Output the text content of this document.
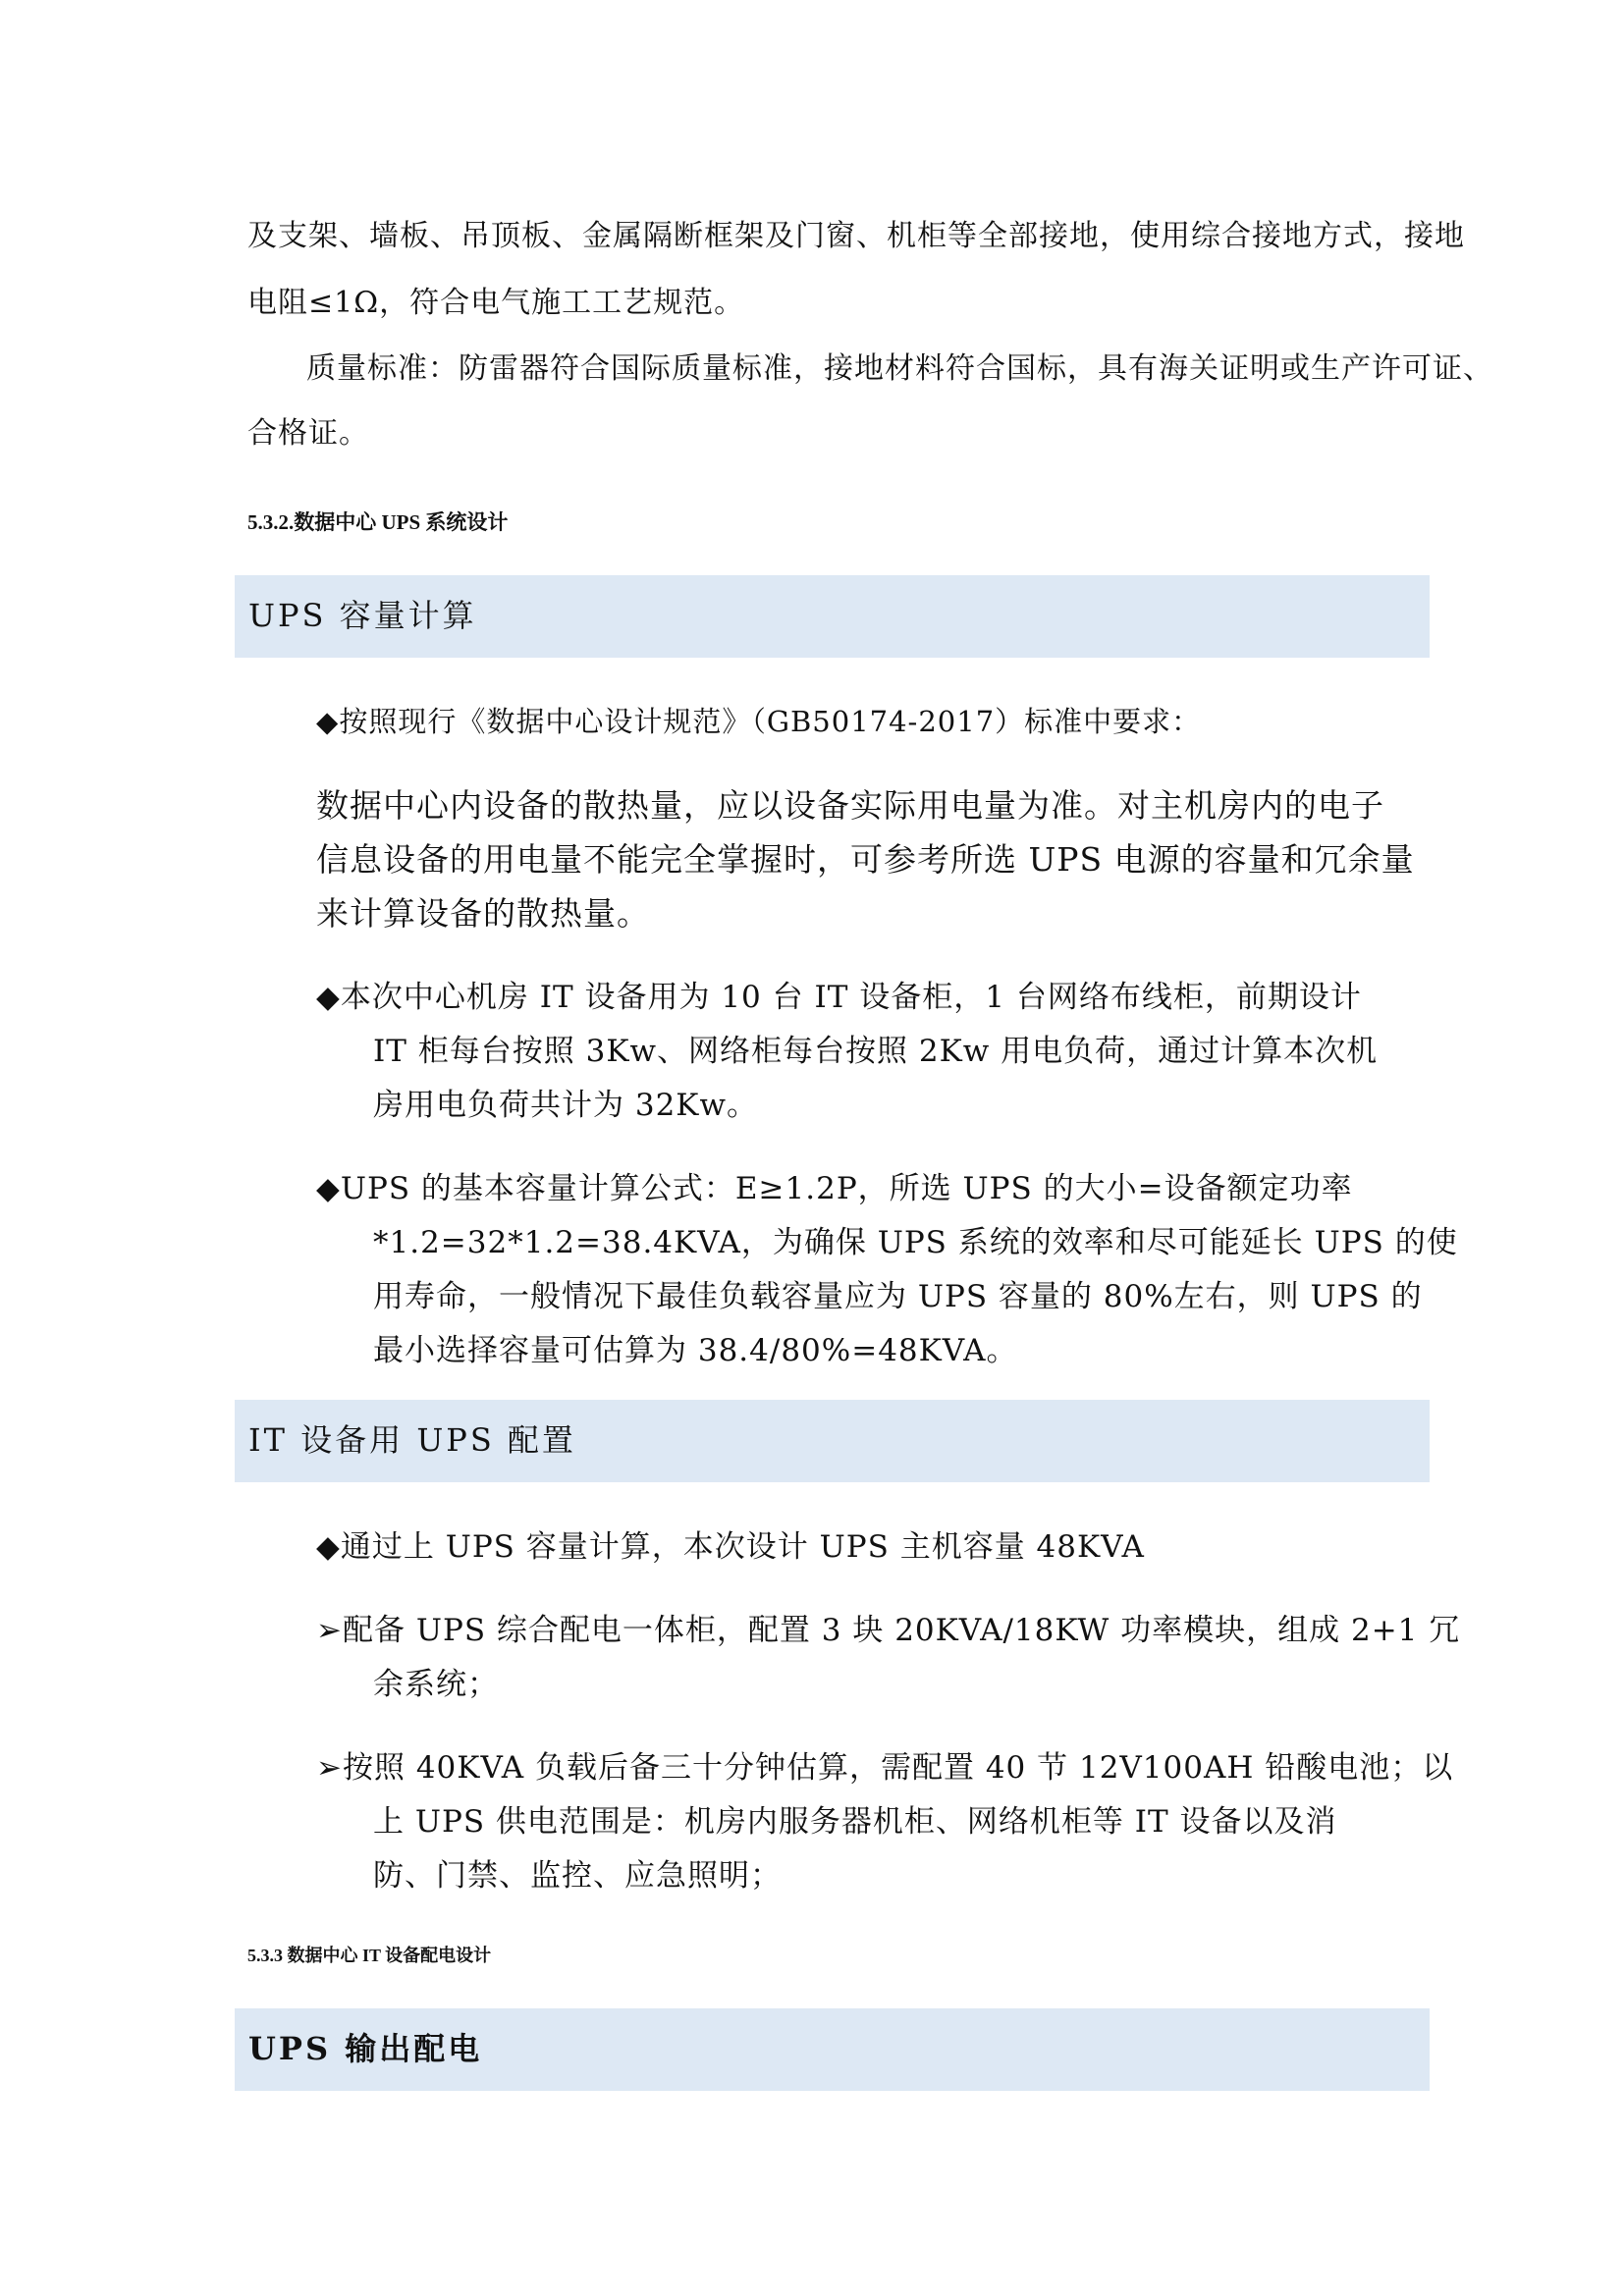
及支架、墙板、吊顶板、金属隔断框架及门窗、机柜等全部接地，使用综合接地方式，接地
电阻≤1Ω，符合电气施工工艺规范。
质量标准：防雷器符合国际质量标准，接地材料符合国标，具有海关证明或生产许可证、
合格证。
5.3.2.数据中心 UPS 系统设计
UPS 容量计算
◆按照现行《数据中心设计规范》（GB50174-2017）标准中要求：
数据中心内设备的散热量，应以设备实际用电量为准。对主机房内的电子
信息设备的用电量不能完全掌握时，可参考所选 UPS 电源的容量和冗余量
来计算设备的散热量。
◆本次中心机房 IT 设备用为 10 台 IT 设备柜，1 台网络布线柜，前期设计
IT 柜每台按照 3Kw、网络柜每台按照 2Kw 用电负荷，通过计算本次机
房用电负荷共计为 32Kw。
◆UPS 的基本容量计算公式：E≥1.2P，所选 UPS 的大小=设备额定功率
*1.2=32*1.2=38.4KVA，为确保 UPS 系统的效率和尽可能延长 UPS 的使
用寿命，一般情况下最佳负载容量应为 UPS 容量的 80%左右，则 UPS 的
最小选择容量可估算为 38.4/80%=48KVA。
IT 设备用 UPS 配置
◆通过上 UPS 容量计算，本次设计 UPS 主机容量 48KVA
➢配备 UPS 综合配电一体柜，配置 3 块 20KVA/18KW 功率模块，组成 2+1 冗
余系统；
➢按照 40KVA 负载后备三十分钟估算，需配置 40 节 12V100AH 铅酸电池；以
上 UPS 供电范围是：机房内服务器机柜、网络机柜等 IT 设备以及消
防、门禁、监控、应急照明；
5.3.3 数据中心 IT 设备配电设计
UPS 输出配电
